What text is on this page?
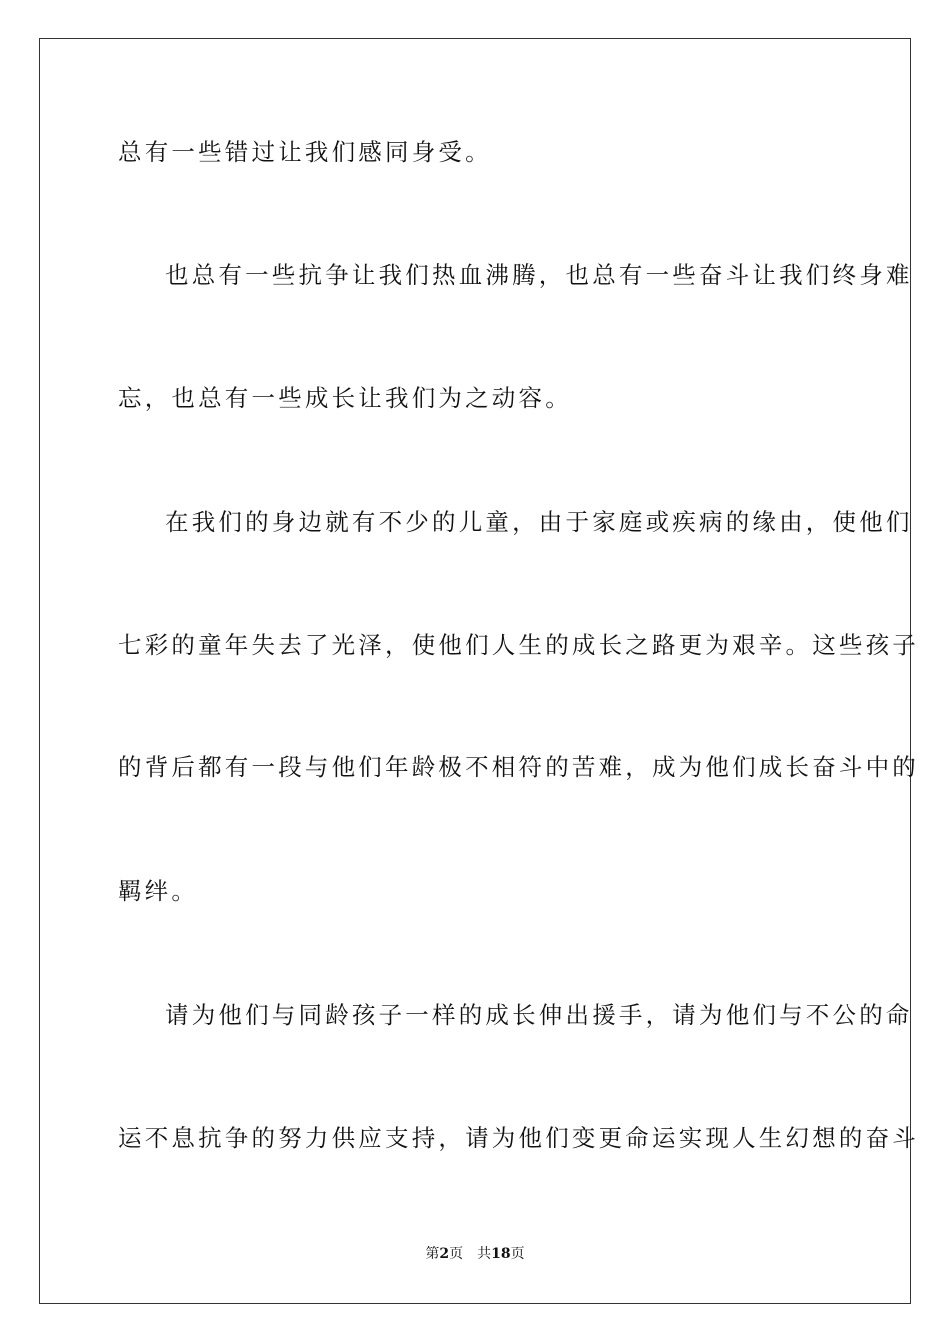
总有一些错过让我们感同身受。
也总有一些抗争让我们热血沸腾，也总有一些奋斗让我们终身难
忘，也总有一些成长让我们为之动容。
在我们的身边就有不少的儿童，由于家庭或疾病的缘由，使他们
七彩的童年失去了光泽，使他们人生的成长之路更为艰辛。这些孩子
的背后都有一段与他们年龄极不相符的苦难，成为他们成长奋斗中的
羁绊。
请为他们与同龄孩子一样的成长伸出援手，请为他们与不公的命
运不息抗争的努力供应支持，请为他们变更命运实现人生幻想的奋斗
第2页 共18页
